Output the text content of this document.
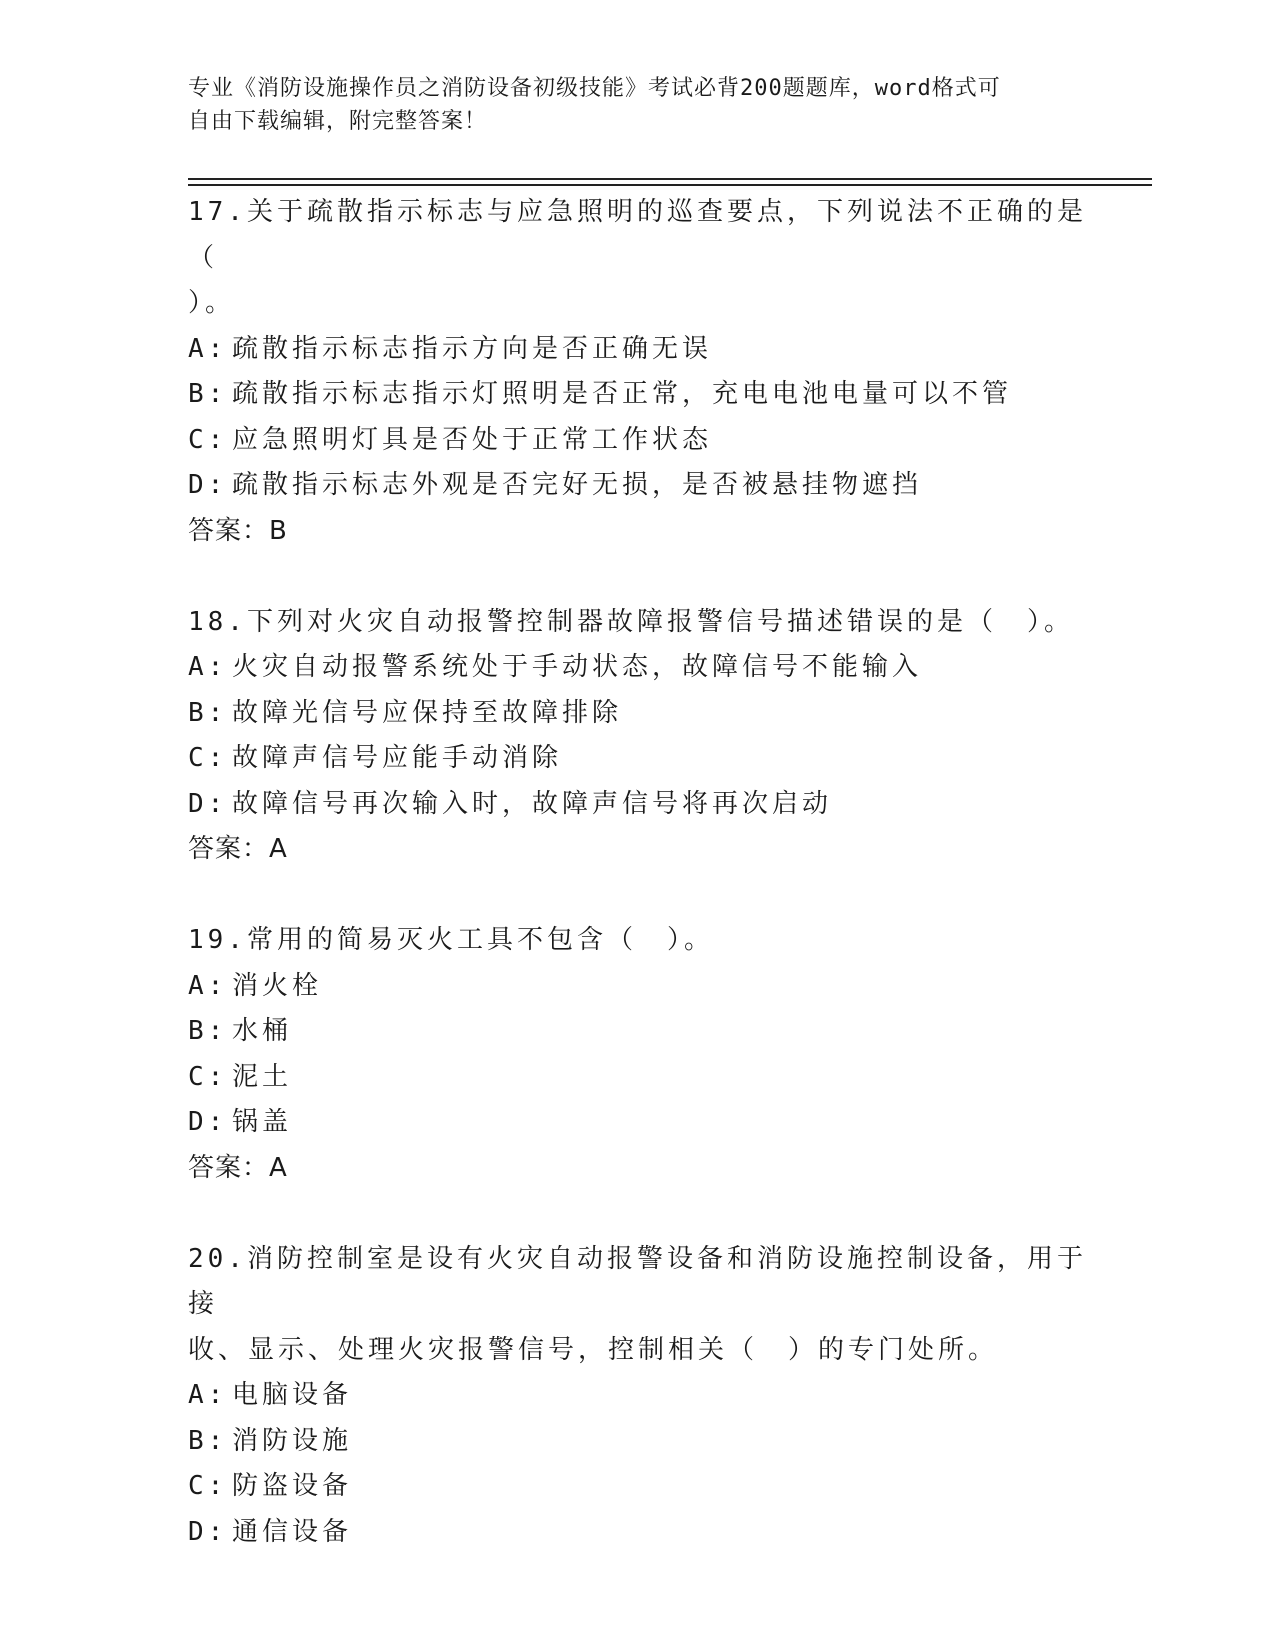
专业《消防设施操作员之消防设备初级技能》考试必背200题题库，word格式可
自由下载编辑，附完整答案！

17.关于疏散指示标志与应急照明的巡查要点，下列说法不正确的是（

）。

A: 疏散指示标志指示方向是否正确无误
B: 疏散指示标志指示灯照明是否正常，充电电池电量可以不管
C: 应急照明灯具是否处于正常工作状态
D: 疏散指示标志外观是否完好无损，是否被悬挂物遮挡

答案：B

18.下列对火灾自动报警控制器故障报警信号描述错误的是（　）。

A: 火灾自动报警系统处于手动状态，故障信号不能输入
B: 故障光信号应保持至故障排除
C: 故障声信号应能手动消除
D: 故障信号再次输入时，故障声信号将再次启动

答案：A

19.常用的简易灭火工具不包含（　）。

A: 消火栓
B: 水桶
C: 泥土
D: 锅盖

答案：A

20.消防控制室是设有火灾自动报警设备和消防设施控制设备，用于接

收、显示、处理火灾报警信号，控制相关（　）的专门处所。

A: 电脑设备
B: 消防设施
C: 防盗设备
D: 通信设备
